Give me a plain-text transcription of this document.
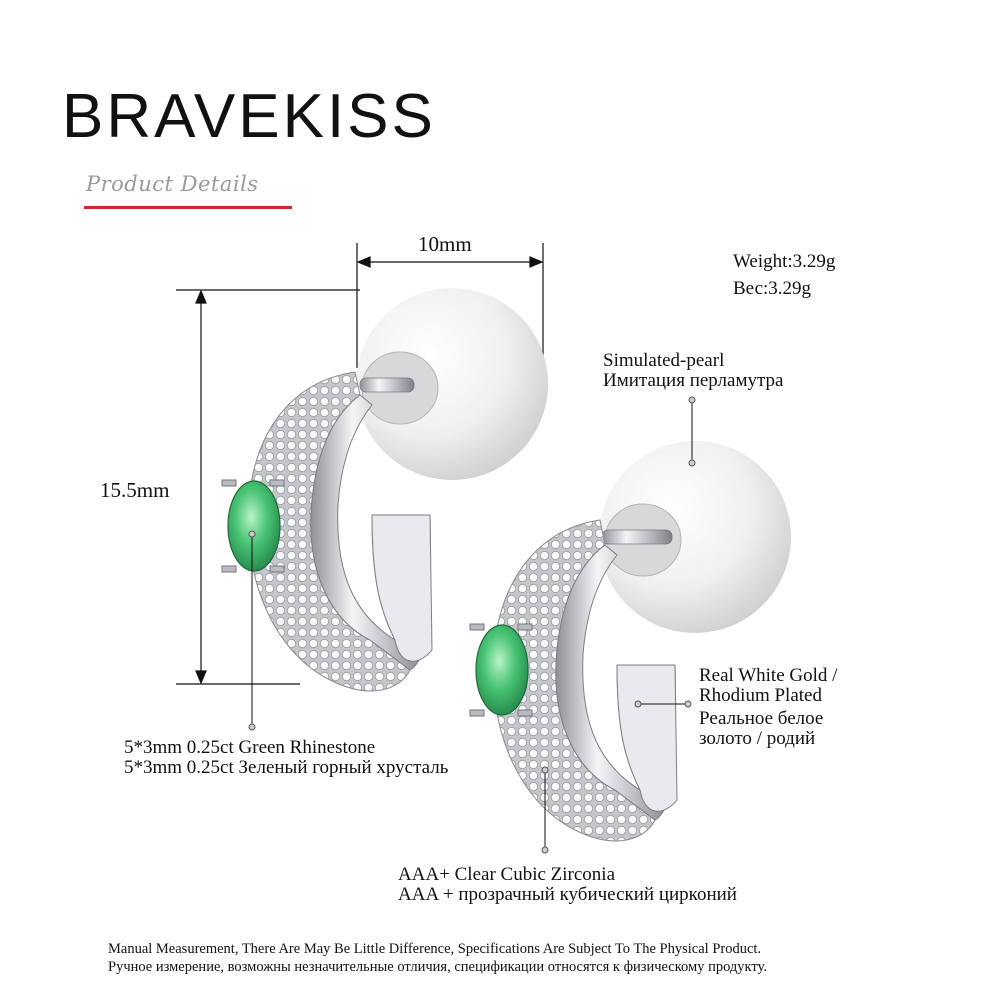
BRAVEKISS
Product Details
10mm
15.5mm
Weight:3.29g
Вес:3.29g
Simulated-pearl
Имитация перламутра
5*3mm 0.25ct Green Rhinestone
5*3mm 0.25ct Зеленый горный хрусталь
Real White Gold /
Rhodium Plated
Реальное белое
золото / родий
AAA+ Clear Cubic Zirconia
AAA + прозрачный кубический цирконий
Manual Measurement, There Are May Be Little Difference, Specifications Are Subject To The Physical Product.
Ручное измерение, возможны незначительные отличия, спецификации относятся к физическому продукту.
